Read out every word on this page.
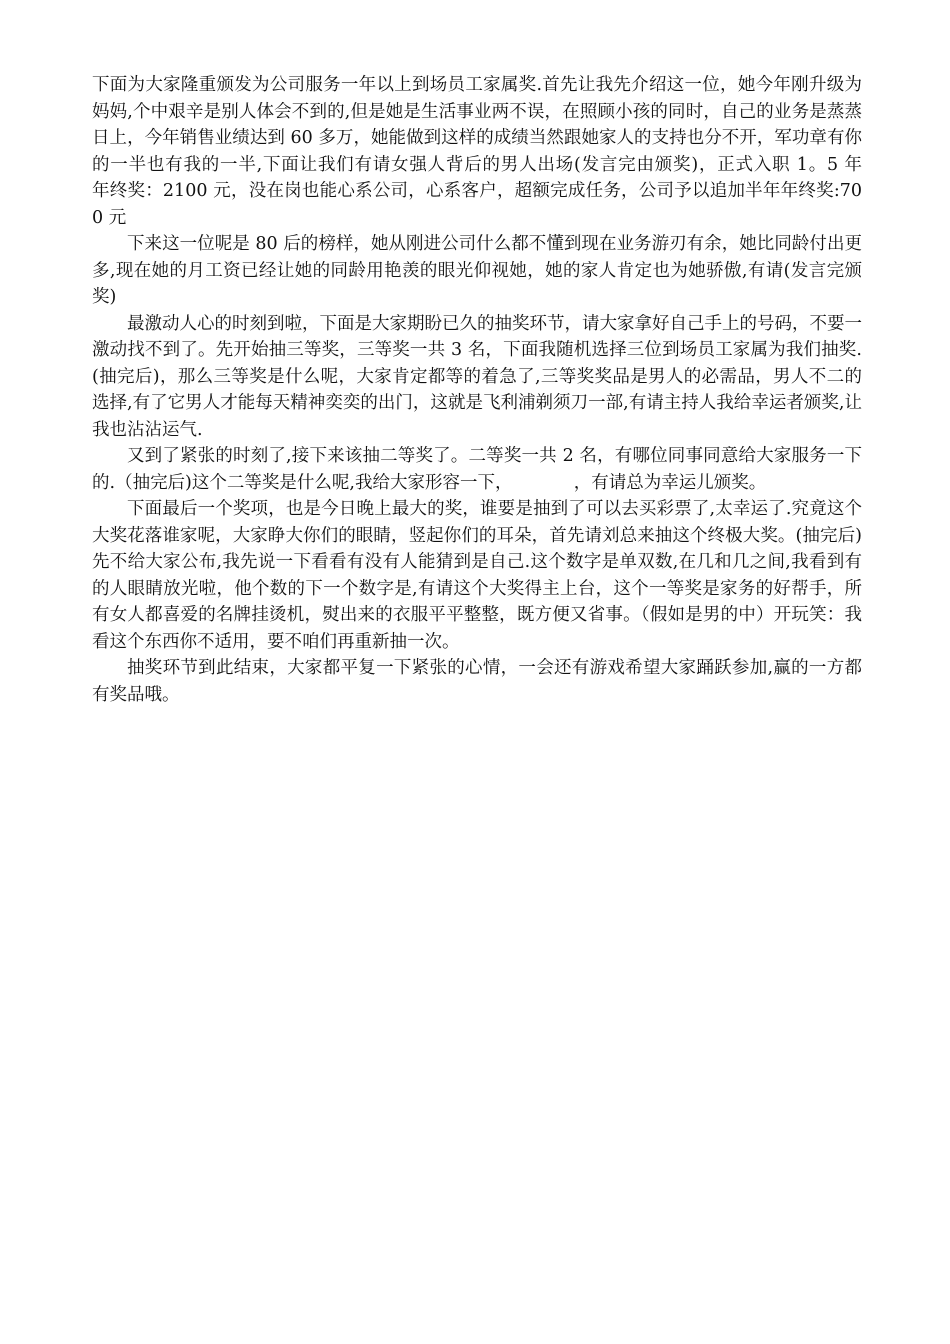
下面为大家隆重颁发为公司服务一年以上到场员工家属奖.首先让我先介绍这一位，她今年刚升级为妈妈,个中艰辛是别人体会不到的,但是她是生活事业两不误，在照顾小孩的同时，自己的业务是蒸蒸日上，今年销售业绩达到 60 多万，她能做到这样的成绩当然跟她家人的支持也分不开，军功章有你的一半也有我的一半,下面让我们有请女强人背后的男人出场(发言完由颁奖)，正式入职 1。5 年　 年终奖：2100 元，没在岗也能心系公司，心系客户，超额完成任务，公司予以追加半年年终奖:700 元

下来这一位呢是 80 后的榜样，她从刚进公司什么都不懂到现在业务游刃有余，她比同龄付出更多,现在她的月工资已经让她的同龄用艳羡的眼光仰视她，她的家人肯定也为她骄傲,有请(发言完颁奖)

最激动人心的时刻到啦，下面是大家期盼已久的抽奖环节，请大家拿好自己手上的号码，不要一激动找不到了。先开始抽三等奖，三等奖一共 3 名，下面我随机选择三位到场员工家属为我们抽奖.(抽完后)，那么三等奖是什么呢，大家肯定都等的着急了,三等奖奖品是男人的必需品，男人不二的选择,有了它男人才能每天精神奕奕的出门，这就是飞利浦剃须刀一部,有请主持人我给幸运者颁奖,让我也沾沾运气.

又到了紧张的时刻了,接下来该抽二等奖了。二等奖一共 2 名，有哪位同事同意给大家服务一下的.（抽完后)这个二等奖是什么呢,我给大家形容一下，　　　　，有请总为幸运儿颁奖。

下面最后一个奖项，也是今日晚上最大的奖，谁要是抽到了可以去买彩票了,太幸运了.究竟这个大奖花落谁家呢，大家睁大你们的眼睛，竖起你们的耳朵，首先请刘总来抽这个终极大奖。(抽完后)先不给大家公布,我先说一下看看有没有人能猜到是自己.这个数字是单双数,在几和几之间,我看到有的人眼睛放光啦，他个数的下一个数字是,有请这个大奖得主上台，这个一等奖是家务的好帮手，所有女人都喜爱的名牌挂烫机，熨出来的衣服平平整整，既方便又省事。（假如是男的中）开玩笑：我看这个东西你不适用，要不咱们再重新抽一次。

抽奖环节到此结束，大家都平复一下紧张的心情，一会还有游戏希望大家踊跃参加,赢的一方都有奖品哦。
